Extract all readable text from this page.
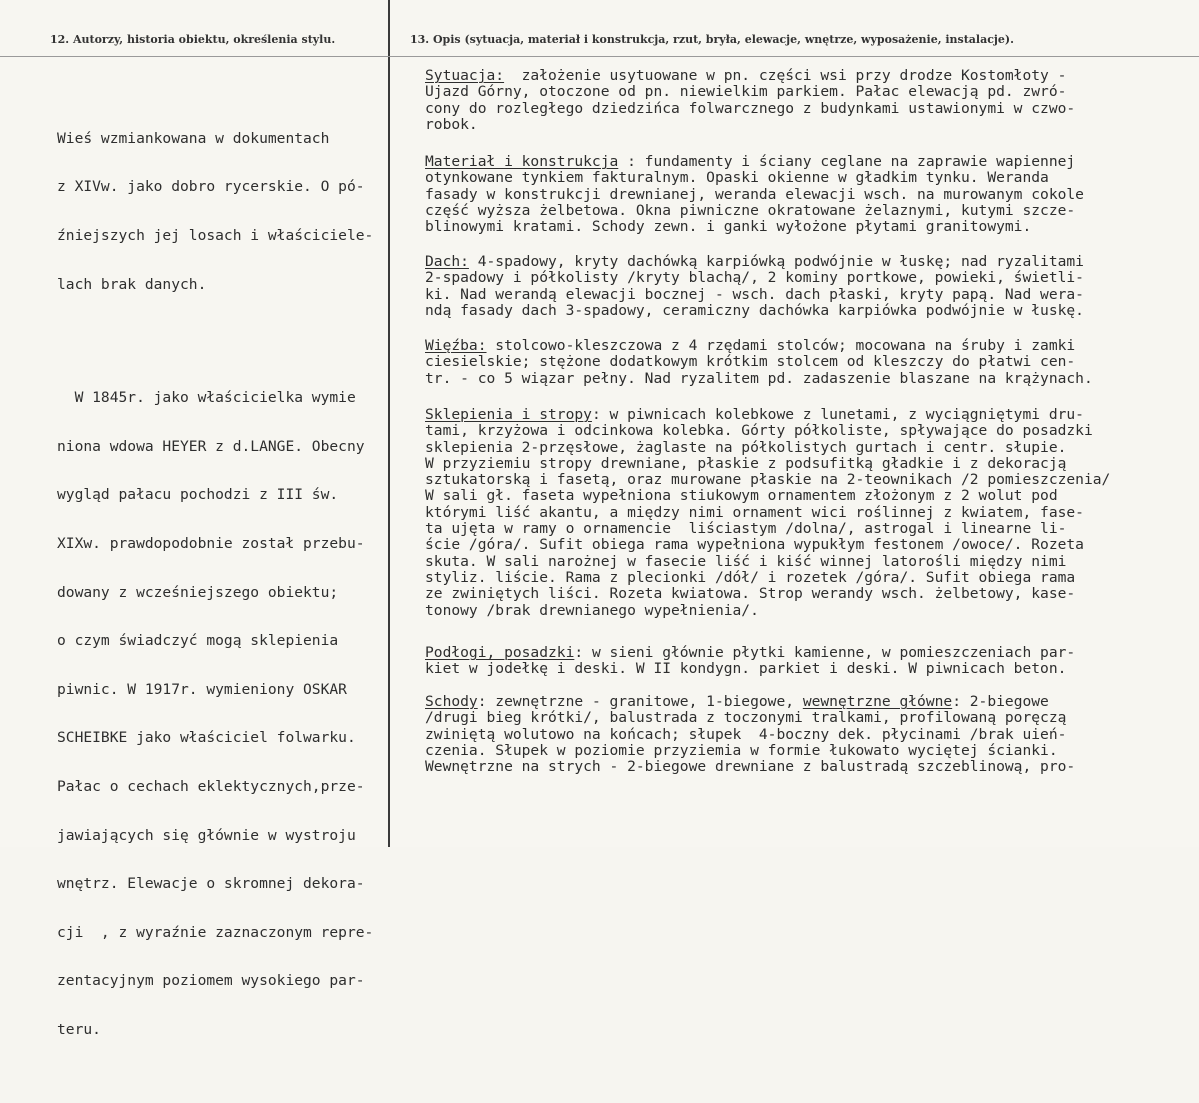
12. Autorzy, historia obiektu, określenia stylu.	13. Opis (sytuacja, materiał i konstrukcja, rzut, bryła, elewacje, wnętrze, wyposażenie, instalacje).

Wieś wzmiankowana w dokumentach

z XIVw. jako dobro rycerskie. O pó-

źniejszych jej losach i właściciele-

lach brak danych.

W 1845r. jako właścicielka wymie

niona wdowa HEYER z d.LANGE. Obecny

wygląd pałacu pochodzi z III św.

XIXw. prawdopodobnie został przebu-

dowany z wcześniejszego obiektu;

o czym świadczyć mogą sklepienia

piwnic. W 1917r. wymieniony OSKAR

SCHEIBKE jako właściciel folwarku.

Pałac o cechach eklektycznych,prze-

jawiających się głównie w wystroju

wnętrz. Elewacje o skromnej dekora-

cji  , z wyraźnie zaznaczonym repre-

zentacyjnym poziomem wysokiego par-

teru.

Sytuacja:  założenie usytuowane w pn. części wsi przy drodze Kostomłoty -
Ujazd Górny, otoczone od pn. niewielkim parkiem. Pałac elewacją pd. zwró-
cony do rozległego dziedzińca folwarcznego z budynkami ustawionymi w czwo-
robok.
Materiał i konstrukcja : fundamenty i ściany ceglane na zaprawie wapiennej
otynkowane tynkiem fakturalnym. Opaski okienne w gładkim tynku. Weranda
fasady w konstrukcji drewnianej, weranda elewacji wsch. na murowanym cokole
część wyższa żelbetowa. Okna piwniczne okratowane żelaznymi, kutymi szcze-
blinowymi kratami. Schody zewn. i ganki wyłożone płytami granitowymi.
Dach: 4-spadowy, kryty dachówką karpiówką podwójnie w łuskę; nad ryzalitami
2-spadowy i półkolisty /kryty blachą/, 2 kominy portkowe, powieki, świetli-
ki. Nad werandą elewacji bocznej - wsch. dach płaski, kryty papą. Nad wera-
ndą fasady dach 3-spadowy, ceramiczny dachówka karpiówka podwójnie w łuskę.
Więźba: stolcowo-kleszczowa z 4 rzędami stolców; mocowana na śruby i zamki
ciesielskie; stężone dodatkowym krótkim stolcem od kleszczy do płatwi cen-
tr. - co 5 wiązar pełny. Nad ryzalitem pd. zadaszenie blaszane na krążynach.
Sklepienia i stropy: w piwnicach kolebkowe z lunetami, z wyciągniętymi dru-
tami, krzyżowa i odcinkowa kolebka. Górty półkoliste, spływające do posadzki
sklepienia 2-przęsłowe, żaglaste na półkolistych gurtach i centr. słupie.
W przyziemiu stropy drewniane, płaskie z podsufitką gładkie i z dekoracją
sztukatorską i fasetą, oraz murowane płaskie na 2-teownikach /2 pomieszczenia/
W sali gł. faseta wypełniona stiukowym ornamentem złożonym z 2 wolut pod
którymi liść akantu, a między nimi ornament wici roślinnej z kwiatem, fase-
ta ujęta w ramy o ornamencie  liściastym /dolna/, astrogal i linearne li-
ście /góra/. Sufit obiega rama wypełniona wypukłym festonem /owoce/. Rozeta
skuta. W sali narożnej w fasecie liść i kiść winnej latorośli między nimi
styliz. liście. Rama z plecionki /dół/ i rozetek /góra/. Sufit obiega rama
ze zwiniętych liści. Rozeta kwiatowa. Strop werandy wsch. żelbetowy, kase-
tonowy /brak drewnianego wypełnienia/.
Podłogi, posadzki: w sieni głównie płytki kamienne, w pomieszczeniach par-
kiet w jodełkę i deski. W II kondygn. parkiet i deski. W piwnicach beton.
Schody: zewnętrzne - granitowe, 1-biegowe, wewnętrzne główne: 2-biegowe
/drugi bieg krótki/, balustrada z toczonymi tralkami, profilowaną poręczą
zwiniętą wolutowo na końcach; słupek  4-boczny dek. płycinami /brak uień-
czenia. Słupek w poziomie przyziemia w formie łukowato wyciętej ścianki.
Wewnętrzne na strych - 2-biegowe drewniane z balustradą szczeblinową, pro-
